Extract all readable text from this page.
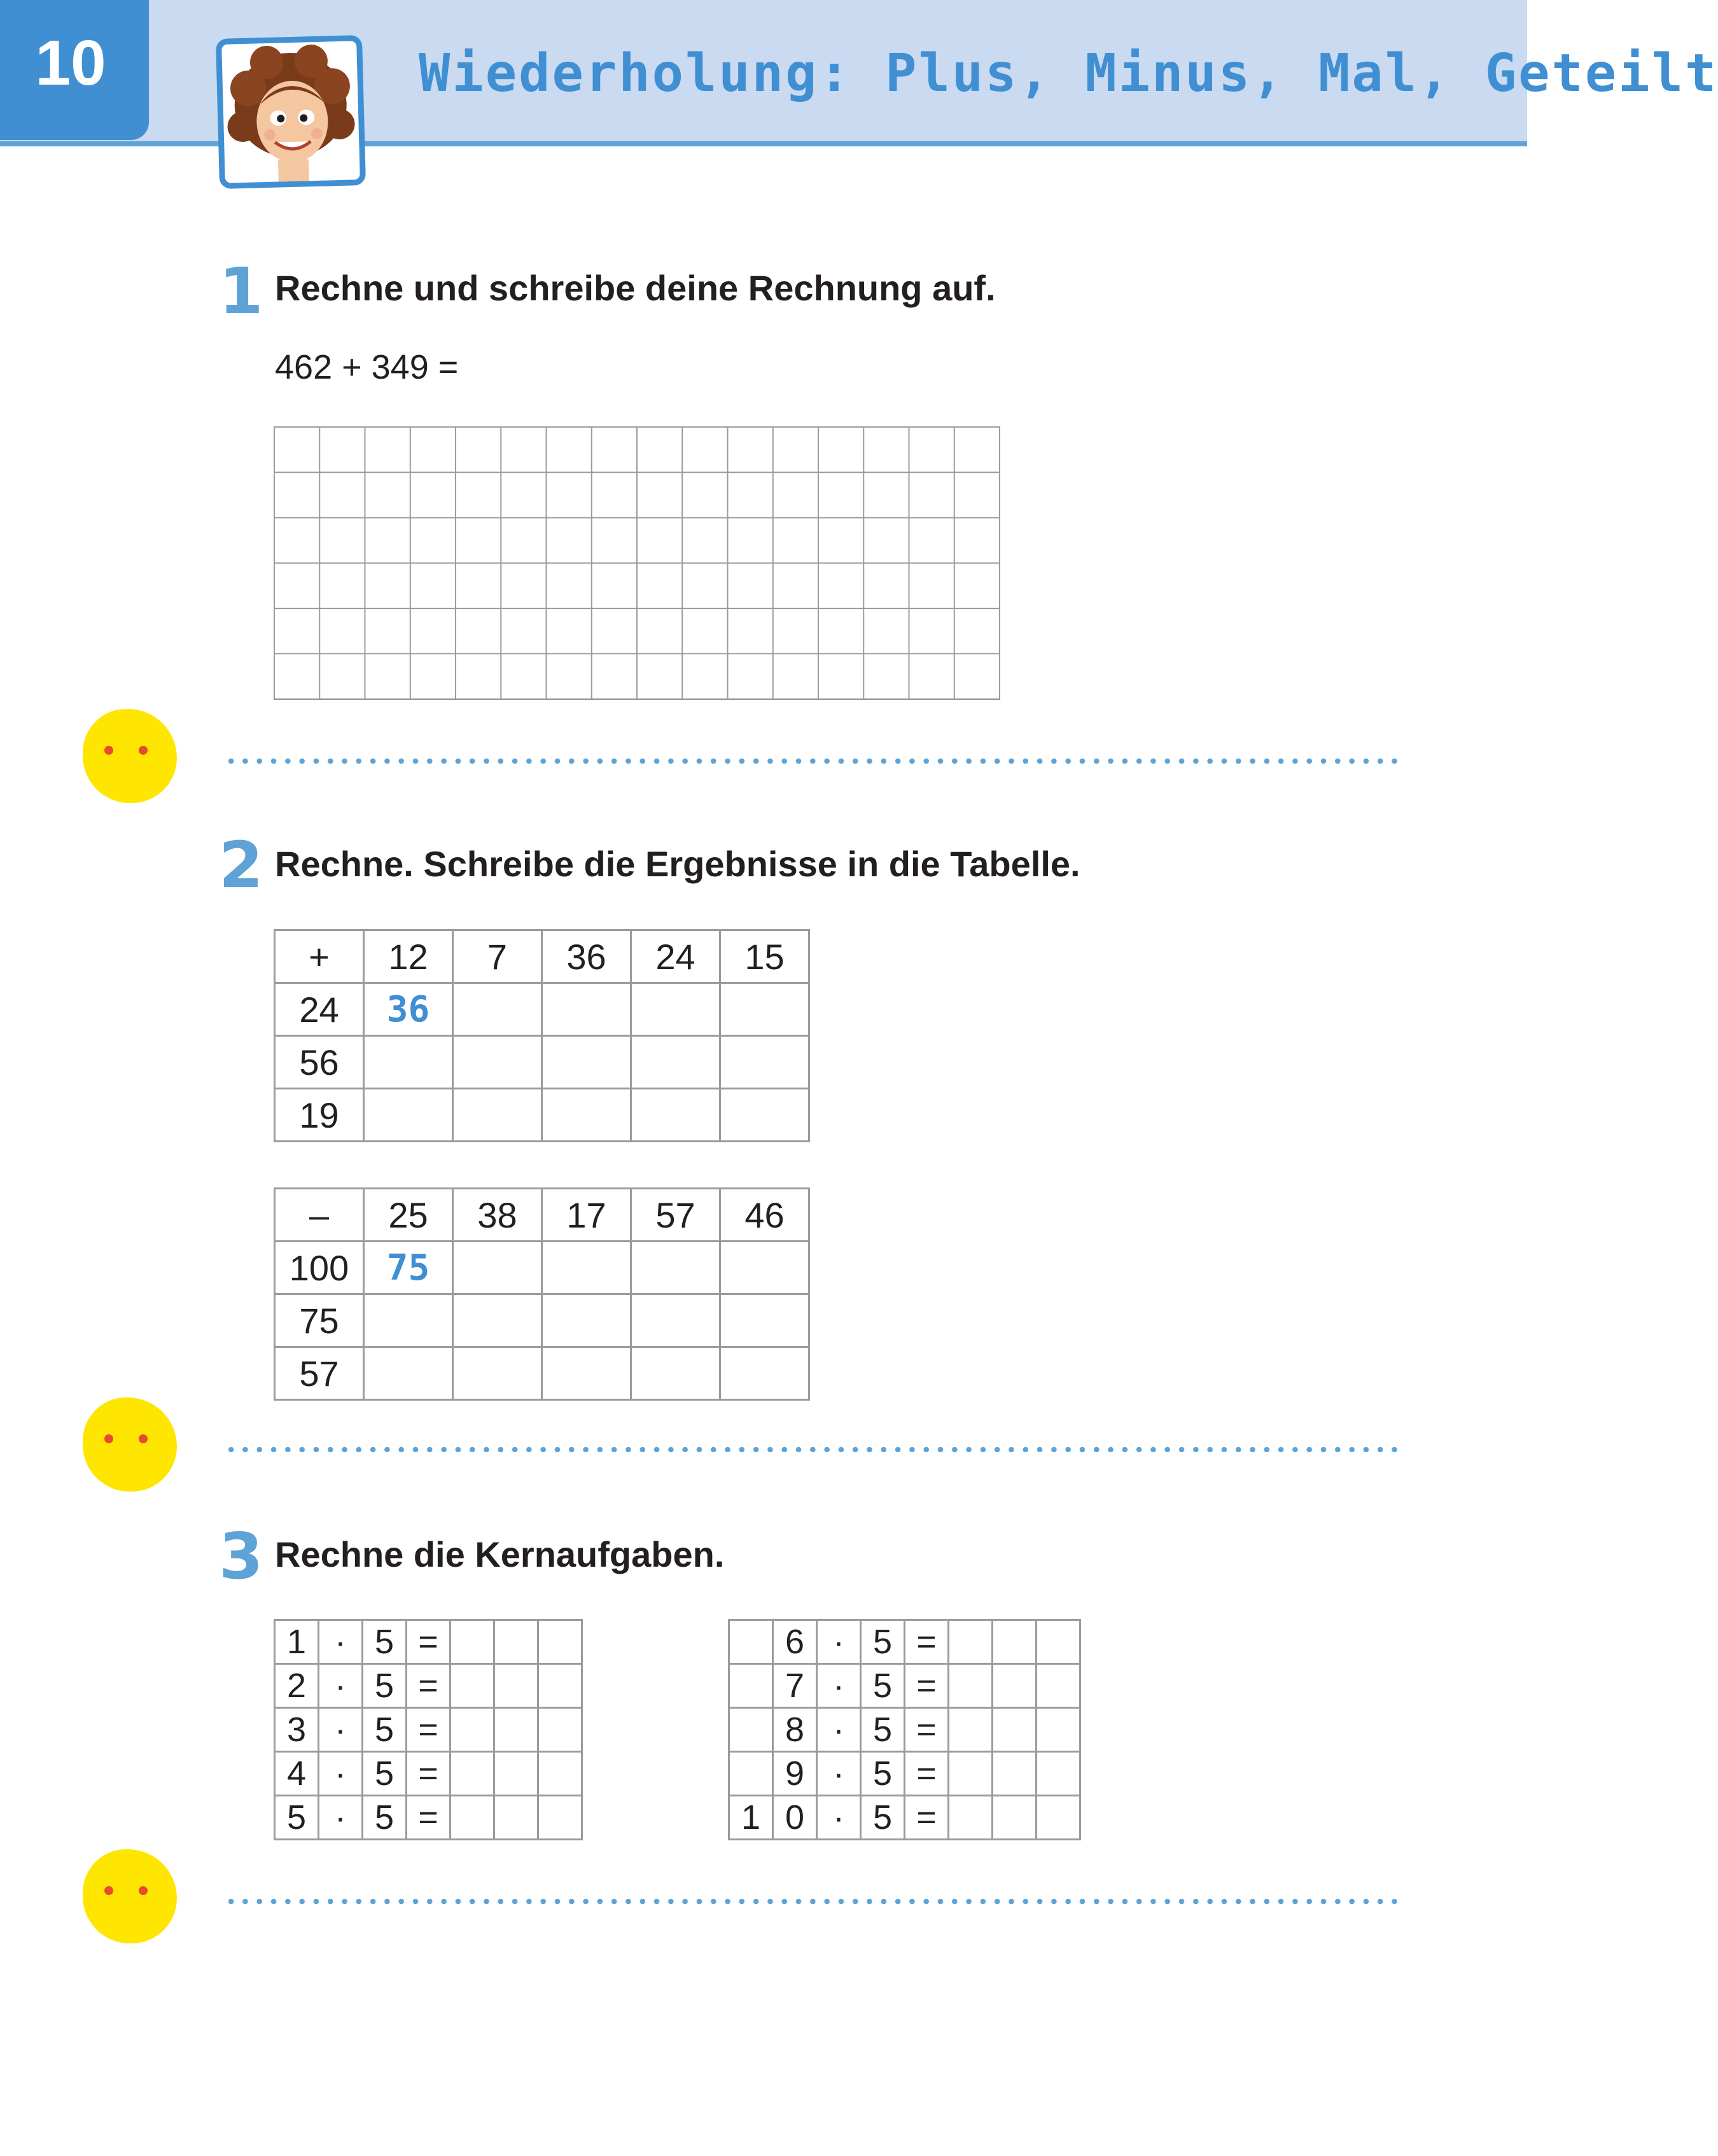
10	Wiederholung: Plus, Minus, Mal, Geteilt
1 Rechne und schreibe deine Rechnung auf.
462 + 349 =
2 Rechne. Schreibe die Ergebnisse in die Tabelle.
+	12	7	36	24	15
24	36				
56					
19					
–	25	38	17	57	46
100	75				
75					
57					
3 Rechne die Kernaufgaben.
1	·	5	=			
2	·	5	=			
3	·	5	=			
4	·	5	=			
5	·	5	=			
	6	·	5	=			
	7	·	5	=			
	8	·	5	=			
	9	·	5	=			
1	0	·	5	=			
